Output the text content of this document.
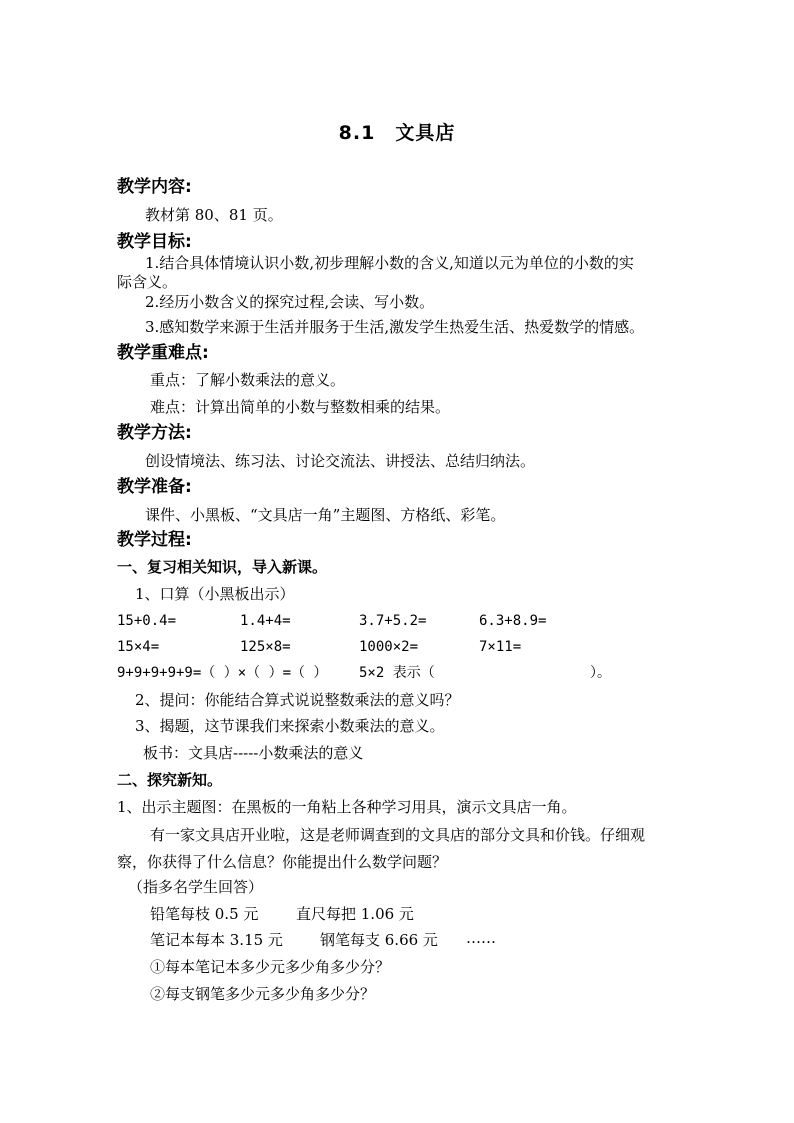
8.1　文具店
教学内容:
教材第 80、81 页。
教学目标:
1.结合具体情境认识小数,初步理解小数的含义,知道以元为单位的小数的实
际含义。
2.经历小数含义的探究过程,会读、写小数。
3.感知数学来源于生活并服务于生活,激发学生热爱生活、热爱数学的情感。
教学重难点:
重点：了解小数乘法的意义。
难点：计算出简单的小数与整数相乘的结果。
教学方法:
创设情境法、练习法、讨论交流法、讲授法、总结归纳法。
教学准备:
课件、小黑板、“文具店一角”主题图、方格纸、彩笔。
教学过程:
一、复习相关知识，导入新课。
1、口算（小黑板出示）
15+0.4=	1.4+4=	3.7+5.2=	6.3+8.9=
15×4=	125×8=	1000×2=	7×11=
9+9+9+9+9=（ ）×（ ）=（ ） 5×2 表示（	）。
2、提问：你能结合算式说说整数乘法的意义吗？
3、揭题，这节课我们来探索小数乘法的意义。
板书：文具店-----小数乘法的意义
二、探究新知。
1、出示主题图：在黑板的一角粘上各种学习用具，演示文具店一角。
有一家文具店开业啦，这是老师调查到的文具店的部分文具和价钱。仔细观
察，你获得了什么信息？你能提出什么数学问题？
（指多名学生回答）
铅笔每枝 0.5 元	直尺每把 1.06 元
笔记本每本 3.15 元 钢笔每支 6.66 元 ……
①每本笔记本多少元多少角多少分？
②每支钢笔多少元多少角多少分？
